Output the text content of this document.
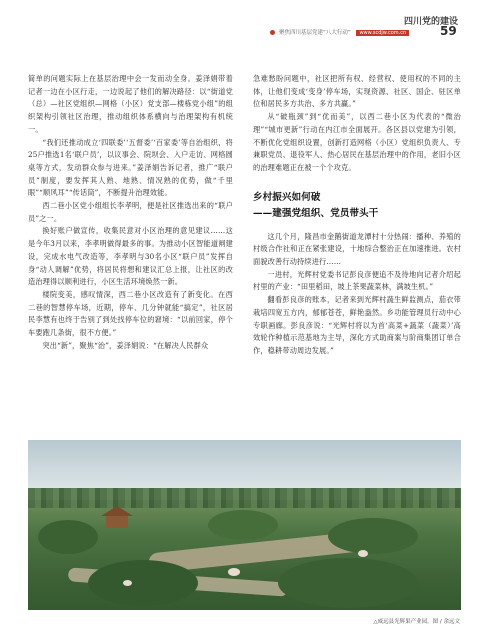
四川党的建设
聚焦四川基层党建“八大行动” www.scdjw.com.cn	59

简单的问题实际上在基层治理中会一发而动全身。姜泽娟带着记者一边在小区行走，一边说起了他们的解决路径：以“街道党（总）—社区党组织—网格（小区）党支部—楼栋党小组”的组织架构引领社区治理，推动组织体系横向与治理架构有机统一。

“我们还推动成立‘四联委’‘五督委’‘百家委’等自治组织，将25户推选1名‘联户员’，以议事会、院坝会、入户走访、网格圆桌等方式，发动群众参与进来。”姜泽娟告诉记者，推广“联户员”制度，要发挥其人熟、地熟、情况熟的优势，做“千里眼”“顺风耳”“传话筒”，不断提升治理效能。

西二巷小区党小组组长李孝明，便是社区推选出来的“联户员”之一。

换好账户做宣传，收集民意对小区治理的意见建议……这是今年3月以来，李孝明做得最多的事。为推动小区智能道闸建设，完成水电气改造等，李孝明与30名小区“联户员”发挥自身“动人调解”优势，将居民将想和建议汇总上报，让社区的改造治理得以顺利进行，小区生活环境焕然一新。

楼院变美，感叹情深，西二巷小区改造有了新变化。在西二巷的智慧停车场，近期，停车、几分钟就能“搞定”，社区居民李慧有也终于告别了到处找停车位的窘境：“以前回家，停个车要跑几条街，很不方便。”

突出“新”，聚焦“治”，姜泽娟说：“在解决人民群众

急难愁盼问题中，社区把所有权、经营权、使用权的不同的主体，让他们变成‘变身’停车场，实现资源、社区、国企、驻区单位和居民多方共治、多方共赢。”

从“破瓶颈”到“优而美”，以西二巷小区为代表的“微治理”“城市更新”行动在内江市全面展开。各区县以党建为引领，不断优化党组织设置，创新打造网格（小区）党组织负责人、专兼职党员、退役军人、热心居民在基层治理中的作用，老旧小区的治理难题正在被一个个攻克。

乡村振兴如何破
——建强党组织、党员带头干

这几个月，隆昌市金鹅街道龙潭村十分热闹：播种、养殖的村级合作社和正在紧张建设，十地综合整治正在加速推进。农村面貌改善行动持续进行……

一进村，光辉村党委书记彭良彦便追不及待地向记者介绍起村里的产业：“田里稻田，坡上茶果蔬菜林，满坡生机。”

翻看彭良彦的账本，记者来到光辉村蔬生鲜监测点，茄衣带栽培四宽五方内，郁郁苍苍，鲜艳盎然。乡功能管理员行动中心专职画廊。彭良彦说：“光辉村将以为首‘高菜+蔬菜（蔬菜）’高效轮作种植示范基地为主导，深化方式助商案与阶商集团订单合作，稳耕带动周边发展。”

△威远县光辉果产业园。图 / 余远文
